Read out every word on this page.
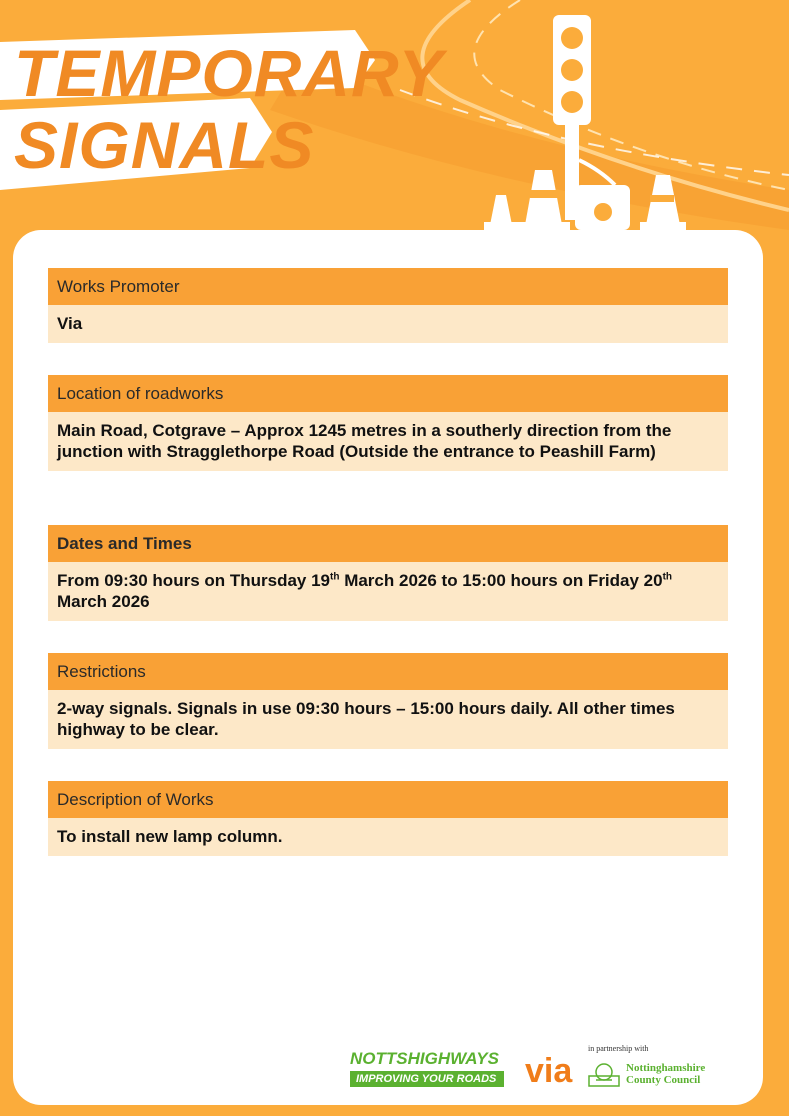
TEMPORARY
SIGNALS
Works Promoter
Via
Location of roadworks
Main Road, Cotgrave – Approx 1245 metres in a southerly direction from the junction with Stragglethorpe Road (Outside the entrance to Peashill Farm)
Dates and Times
From 09:30 hours on Thursday 19th March 2026 to 15:00 hours on Friday 20th March 2026
Restrictions
2-way signals. Signals in use 09:30 hours – 15:00 hours daily. All other times highway to be clear.
Description of Works
To install new lamp column.
NOTTSHIGHWAYS
IMPROVING YOUR ROADS via
in partnership with
Nottinghamshire
County Council
